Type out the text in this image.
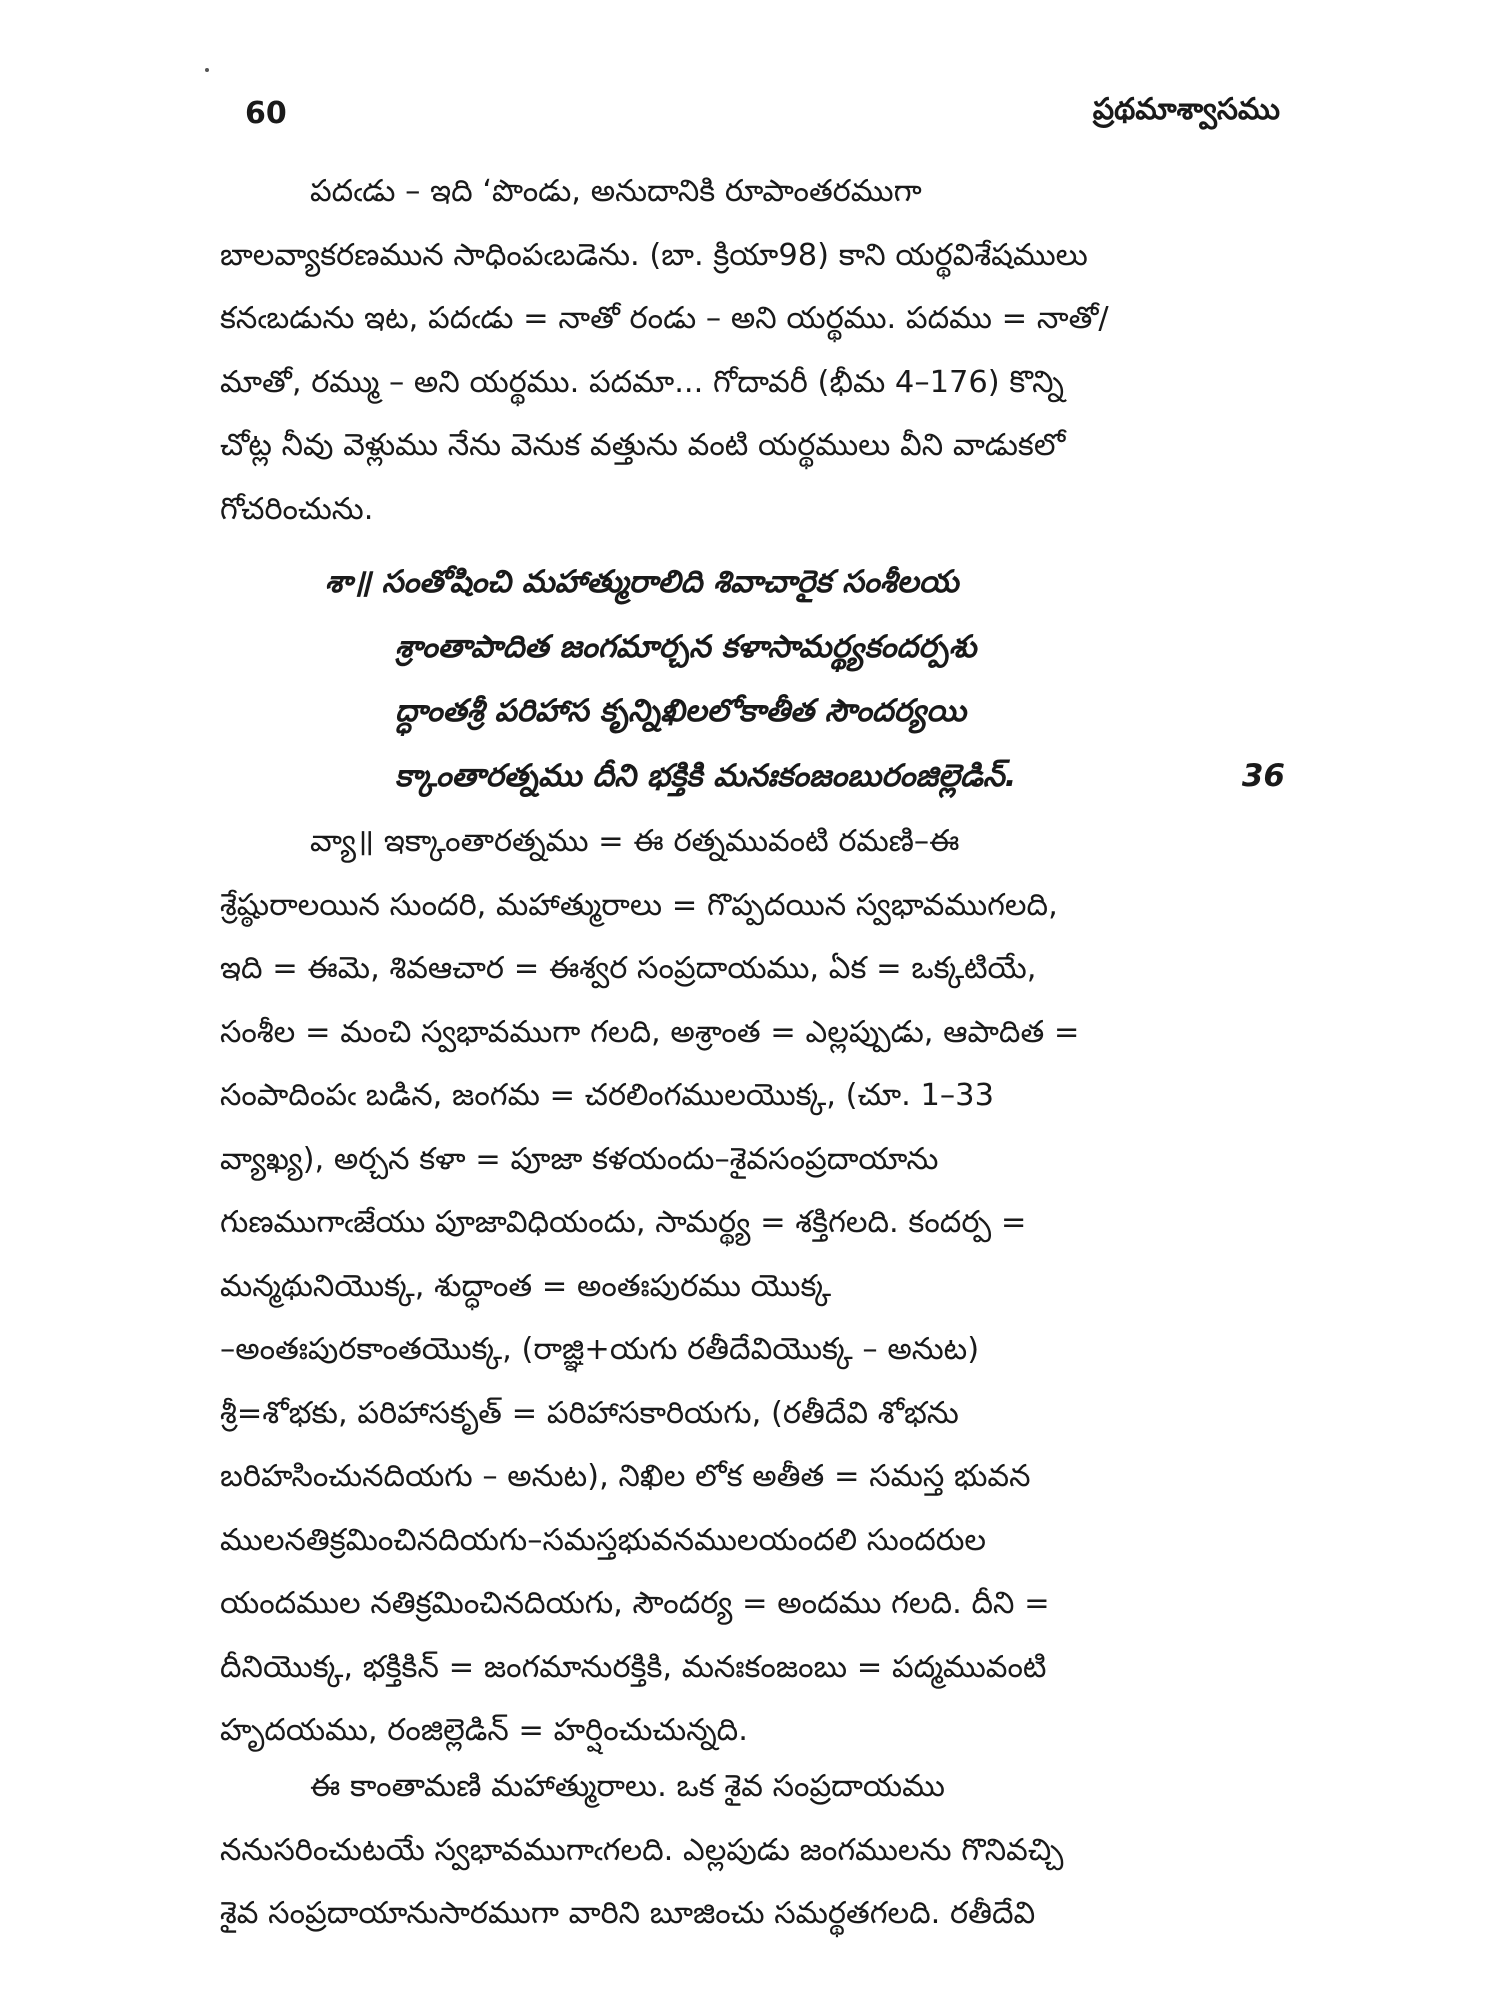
60	ప్రథమాశ్వాసము

పదఁడు – ఇది ‘పొండు, అనుదానికి రూపాంతరముగా
బాలవ్యాకరణమున సాధింపఁబడెను. (బా. క్రియా98) కాని యర్థవిశేషములు
కనఁబడును ఇట, పదఁడు = నాతో రండు – అని యర్థము. పదము = నాతో/
మాతో, రమ్ము – అని యర్థము. పదమా... గోదావరీ (భీమ 4–176) కొన్ని
చోట్ల నీవు వెళ్లుము నేను వెనుక వత్తును వంటి యర్థములు వీని వాడుకలో
గోచరించును.

శా॥ సంతోషించి మహాత్మురాలిది శివాచారైక సంశీలయ
శ్రాంతాపాదిత జంగమార్చన కళాసామర్థ్యకందర్పశు
ద్ధాంతశ్రీ పరిహాస కృన్నిఖిలలోకాతీత సౌందర్యయి
క్కాంతారత్నము దీని భక్తికి మనఃకంజంబురంజిల్లెడిన్.	36

వ్యా॥ ఇక్కాంతారత్నము = ఈ రత్నమువంటి రమణి–ఈ
శ్రేష్ఠురాలయిన సుందరి, మహాత్మురాలు = గొప్పదయిన స్వభావముగలది,
ఇది = ఈమె, శివఆచార = ఈశ్వర సంప్రదాయము, ఏక = ఒక్కటియే,
సంశీల = మంచి స్వభావముగా గలది, అశ్రాంత = ఎల్లప్పుడు, ఆపాదిత =
సంపాదింపఁ బడిన, జంగమ = చరలింగములయొక్క, (చూ. 1–33
వ్యాఖ్య), అర్చన కళా = పూజా కళయందు–శైవసంప్రదాయాను
గుణముగాఁజేయు పూజావిధియందు, సామర్థ్య = శక్తిగలది. కందర్ప =
మన్మథునియొక్క, శుద్ధాంత = అంతఃపురము యొక్క
–అంతఃపురకాంతయొక్క, (రాజ్ఞి+యగు రతీదేవియొక్క – అనుట)
శ్రీ=శోభకు, పరిహాసకృత్ = పరిహాసకారియగు, (రతీదేవి శోభను
బరిహసించునదియగు – అనుట), నిఖిల లోక అతీత = సమస్త భువన
ములనతిక్రమించినదియగు–సమస్తభువనములయందలి సుందరుల
యందముల నతిక్రమించినదియగు, సౌందర్య = అందము గలది. దీని =
దీనియొక్క, భక్తికిన్ = జంగమానురక్తికి, మనఃకంజంబు = పద్మమువంటి
హృదయము, రంజిల్లెడిన్ = హర్షించుచున్నది.

ఈ కాంతామణి మహాత్మురాలు. ఒక శైవ సంప్రదాయము
ననుసరించుటయే స్వభావముగాఁగలది. ఎల్లపుడు జంగములను గొనివచ్చి
శైవ సంప్రదాయానుసారముగా వారిని బూజించు సమర్థతగలది. రతీదేవి
